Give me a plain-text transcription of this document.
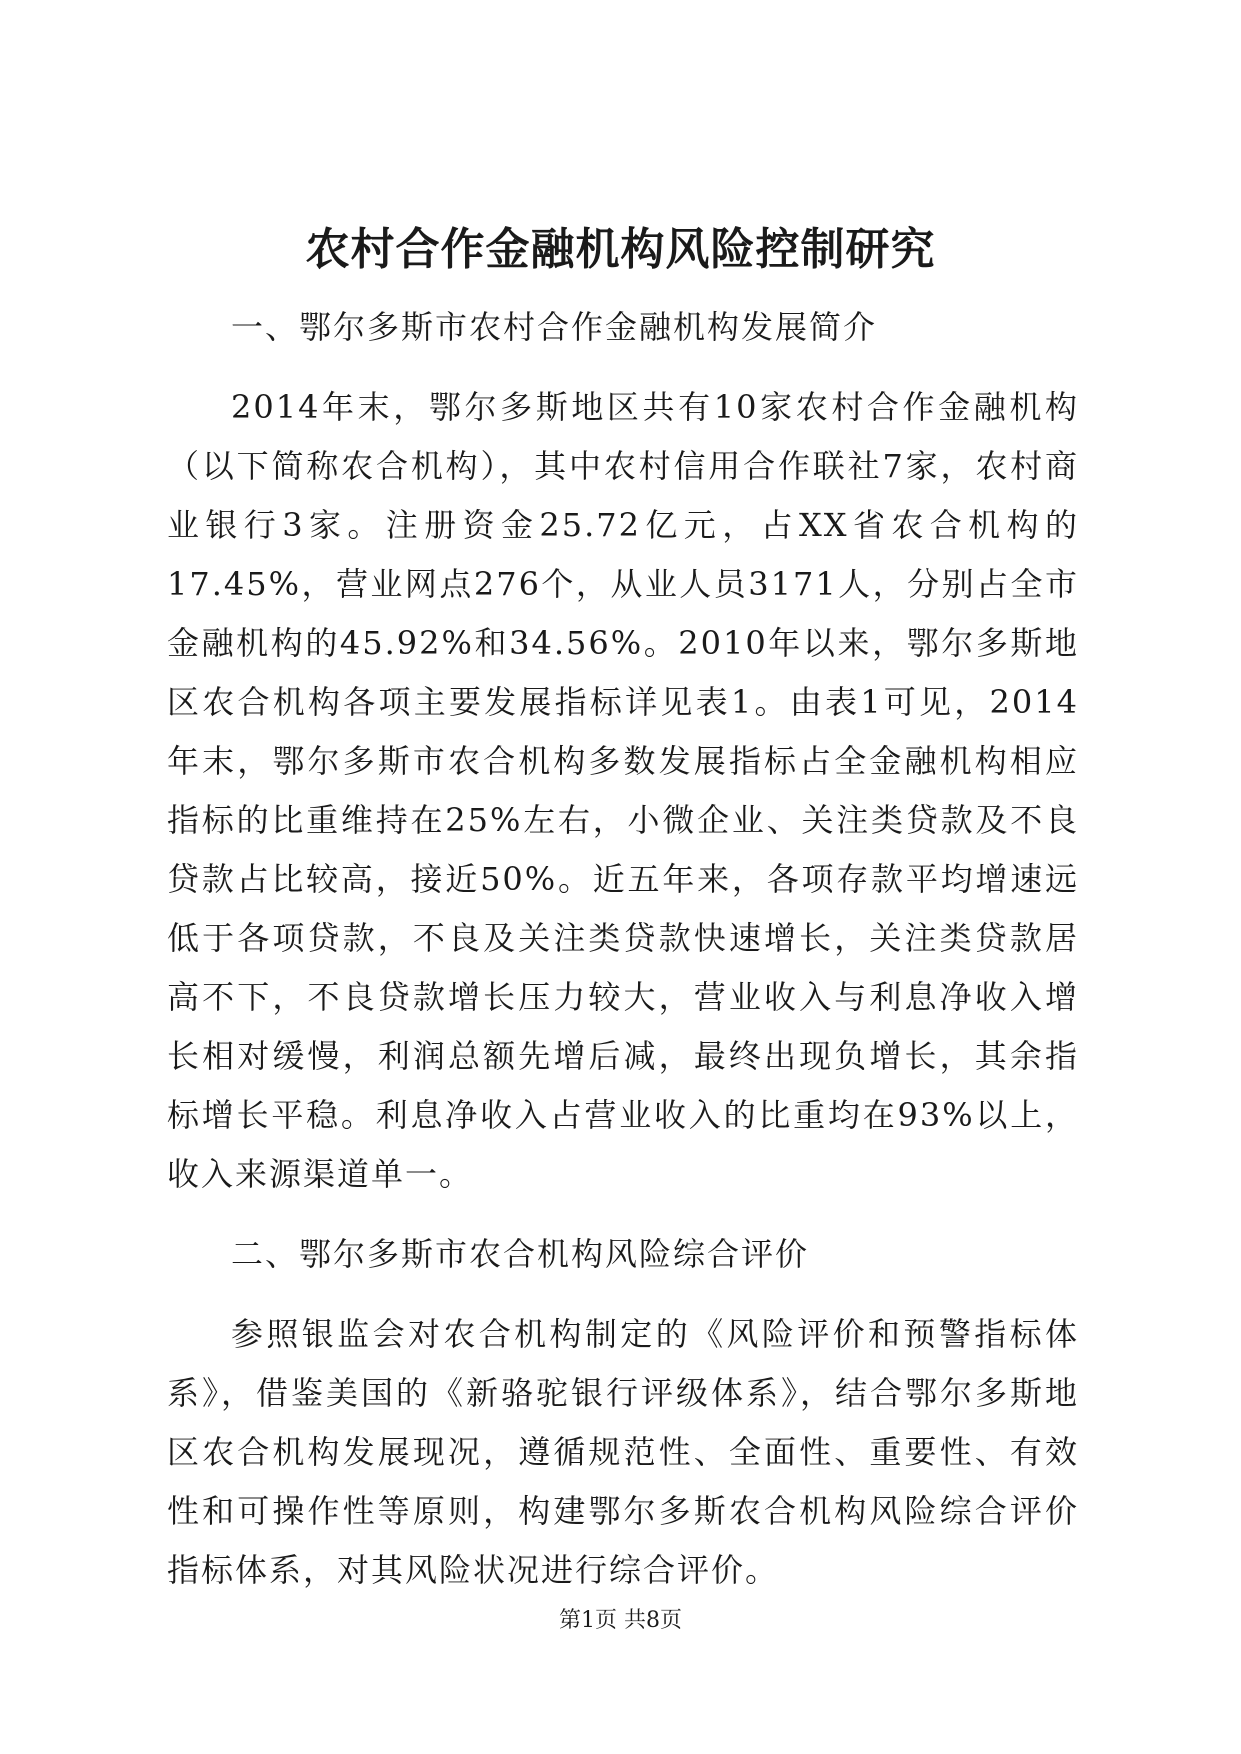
农村合作金融机构风险控制研究

一、鄂尔多斯市农村合作金融机构发展简介

2014年末，鄂尔多斯地区共有10家农村合作金融机构（以下简称农合机构），其中农村信用合作联社7家，农村商业银行3家。注册资金25.72亿元，占XX省农合机构的17.45%，营业网点276个，从业人员3171人，分别占全市金融机构的45.92%和34.56%。2010年以来，鄂尔多斯地区农合机构各项主要发展指标详见表1。由表1可见，2014年末，鄂尔多斯市农合机构多数发展指标占全金融机构相应指标的比重维持在25%左右，小微企业、关注类贷款及不良贷款占比较高，接近50%。近五年来，各项存款平均增速远低于各项贷款，不良及关注类贷款快速增长，关注类贷款居高不下，不良贷款增长压力较大，营业收入与利息净收入增长相对缓慢，利润总额先增后减，最终出现负增长，其余指标增长平稳。利息净收入占营业收入的比重均在93%以上，收入来源渠道单一。

二、鄂尔多斯市农合机构风险综合评价

参照银监会对农合机构制定的《风险评价和预警指标体系》，借鉴美国的《新骆驼银行评级体系》，结合鄂尔多斯地区农合机构发展现况，遵循规范性、全面性、重要性、有效性和可操作性等原则，构建鄂尔多斯农合机构风险综合评价指标体系，对其风险状况进行综合评价。

第1页 共8页
